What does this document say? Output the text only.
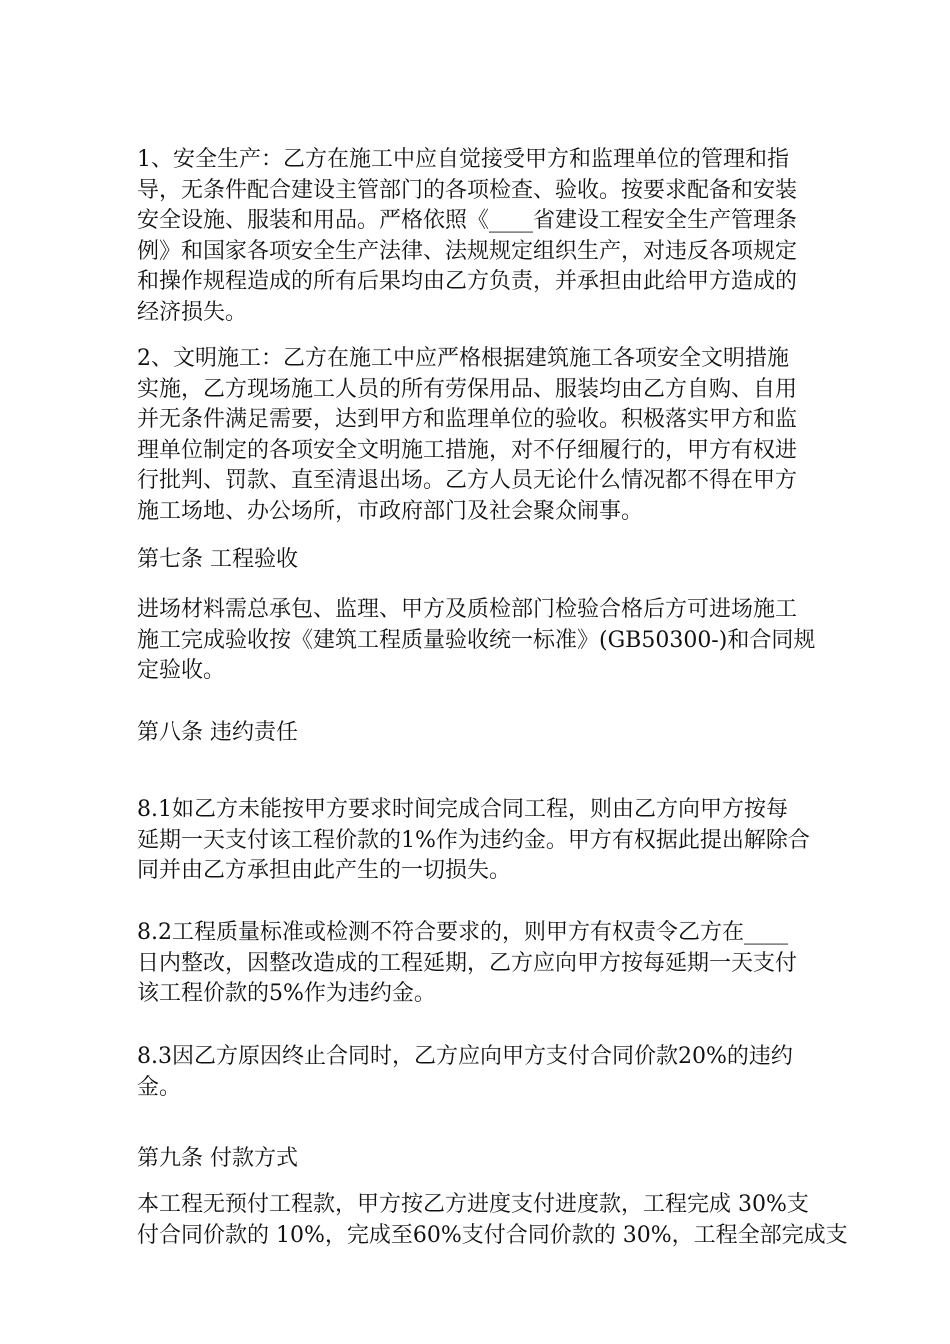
1、安全生产：乙方在施工中应自觉接受甲方和监理单位的管理和指
导，无条件配合建设主管部门的各项检查、验收。按要求配备和安装
安全设施、服装和用品。严格依照《____省建设工程安全生产管理条
例》和国家各项安全生产法律、法规规定组织生产，对违反各项规定
和操作规程造成的所有后果均由乙方负责，并承担由此给甲方造成的
经济损失。
2、文明施工：乙方在施工中应严格根据建筑施工各项安全文明措施
实施，乙方现场施工人员的所有劳保用品、服装均由乙方自购、自用
并无条件满足需要，达到甲方和监理单位的验收。积极落实甲方和监
理单位制定的各项安全文明施工措施，对不仔细履行的，甲方有权进
行批判、罚款、直至清退出场。乙方人员无论什么情况都不得在甲方
施工场地、办公场所，市政府部门及社会聚众闹事。
第七条 工程验收
进场材料需总承包、监理、甲方及质检部门检验合格后方可进场施工
施工完成验收按《建筑工程质量验收统一标准》(GB50300-)和合同规
定验收。
第八条 违约责任
8.1如乙方未能按甲方要求时间完成合同工程，则由乙方向甲方按每
延期一天支付该工程价款的1%作为违约金。甲方有权据此提出解除合
同并由乙方承担由此产生的一切损失。
8.2工程质量标准或检测不符合要求的，则甲方有权责令乙方在____
日内整改，因整改造成的工程延期，乙方应向甲方按每延期一天支付
该工程价款的5%作为违约金。
8.3因乙方原因终止合同时，乙方应向甲方支付合同价款20%的违约
金。
第九条 付款方式
本工程无预付工程款，甲方按乙方进度支付进度款，工程完成 30%支
付合同价款的 10%，完成至60%支付合同价款的 30%，工程全部完成支
